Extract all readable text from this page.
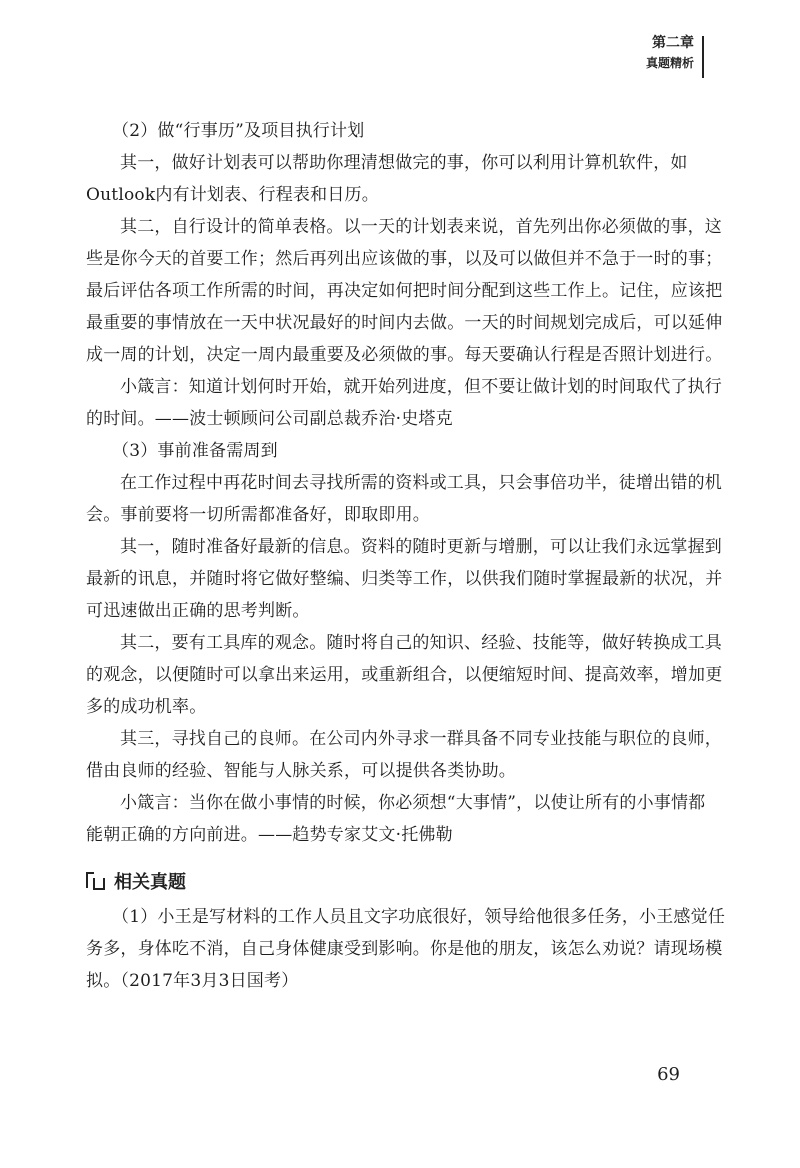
第二章
真题精析
（2）做“行事历”及项目执行计划
其一，做好计划表可以帮助你理清想做完的事，你可以利用计算机软件，如
Outlook内有计划表、行程表和日历。
其二，自行设计的简单表格。以一天的计划表来说，首先列出你必须做的事，这
些是你今天的首要工作；然后再列出应该做的事，以及可以做但并不急于一时的事；
最后评估各项工作所需的时间，再决定如何把时间分配到这些工作上。记住，应该把
最重要的事情放在一天中状况最好的时间内去做。一天的时间规划完成后，可以延伸
成一周的计划，决定一周内最重要及必须做的事。每天要确认行程是否照计划进行。
小箴言：知道计划何时开始，就开始列进度，但不要让做计划的时间取代了执行
的时间。——波士顿顾问公司副总裁乔治·史塔克
（3）事前准备需周到
在工作过程中再花时间去寻找所需的资料或工具，只会事倍功半，徒增出错的机
会。事前要将一切所需都准备好，即取即用。
其一，随时准备好最新的信息。资料的随时更新与增删，可以让我们永远掌握到
最新的讯息，并随时将它做好整编、归类等工作，以供我们随时掌握最新的状况，并
可迅速做出正确的思考判断。
其二，要有工具库的观念。随时将自己的知识、经验、技能等，做好转换成工具
的观念，以便随时可以拿出来运用，或重新组合，以便缩短时间、提高效率，增加更
多的成功机率。
其三，寻找自己的良师。在公司内外寻求一群具备不同专业技能与职位的良师，
借由良师的经验、智能与人脉关系，可以提供各类协助。
小箴言：当你在做小事情的时候，你必须想“大事情”，以使让所有的小事情都
能朝正确的方向前进。——趋势专家艾文·托佛勒
相关真题
（1）小王是写材料的工作人员且文字功底很好，领导给他很多任务，小王感觉任
务多，身体吃不消，自己身体健康受到影响。你是他的朋友，该怎么劝说？请现场模
拟。（2017年3月3日国考）
69
